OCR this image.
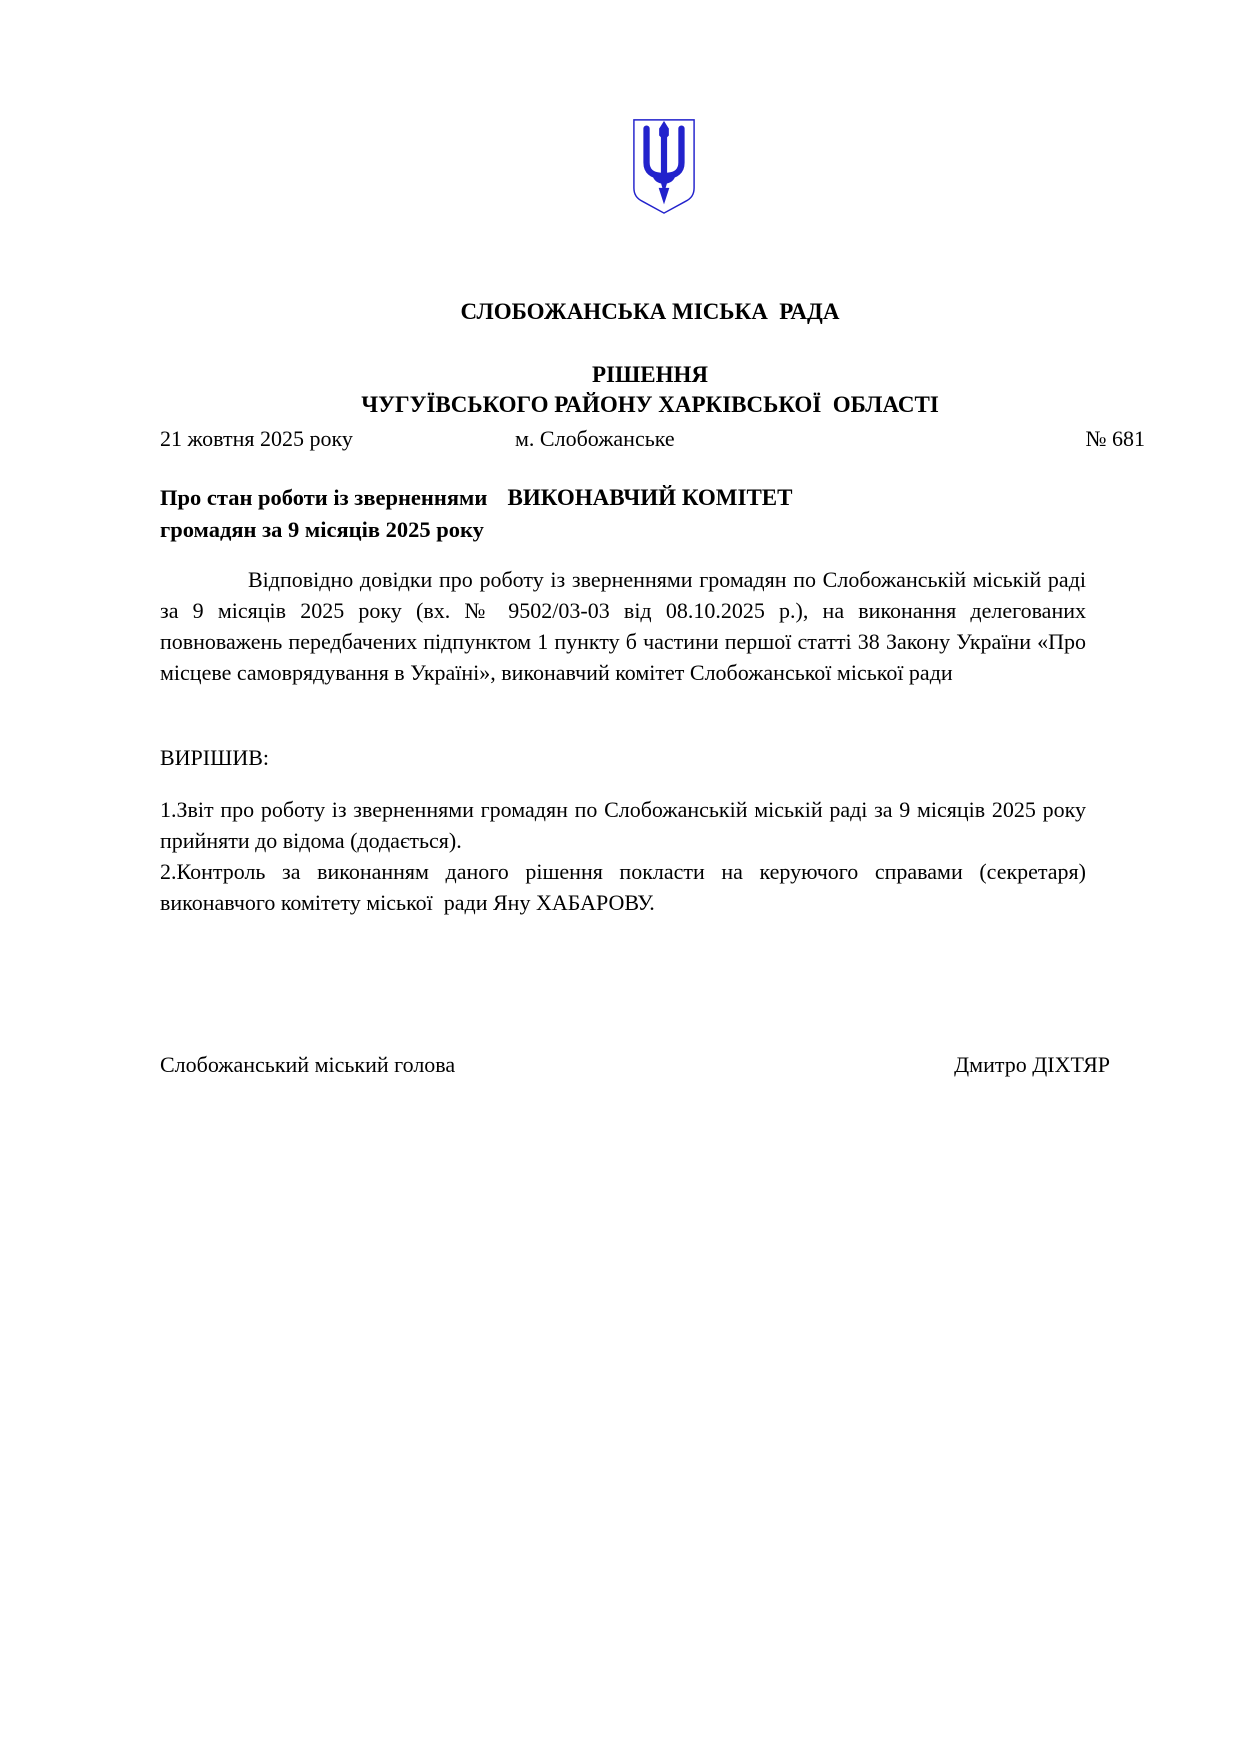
СЛОБОЖАНСЬКА МІСЬКА  РАДА

ЧУГУЇВСЬКОГО РАЙОНУ ХАРКІВСЬКОЇ  ОБЛАСТІ

ВИКОНАВЧИЙ КОМІТЕТ

РІШЕННЯ
21 жовтня 2025 року	м. Слобожанське	№ 681
Про стан роботи із зверненнями
громадян за 9 місяців 2025 року

Відповідно довідки про роботу із зверненнями громадян по Слобожанській міській раді за 9 місяців 2025 року (вх. № 9502/03-03 від 08.10.2025 р.), на виконання делегованих повноважень передбачених підпунктом 1 пункту б частини першої статті 38 Закону України «Про місцеве самоврядування в Україні», виконавчий комітет Слобожанської міської ради

ВИРІШИВ:

1.Звіт про роботу із зверненнями громадян по Слобожанській міській раді за 9 місяців 2025 року прийняти до відома (додається).

2.Контроль за виконанням даного рішення покласти на керуючого справами (секретаря) виконавчого комітету міської  ради Яну ХАБАРОВУ.

Слобожанський міський голова	Дмитро ДІХТЯР
